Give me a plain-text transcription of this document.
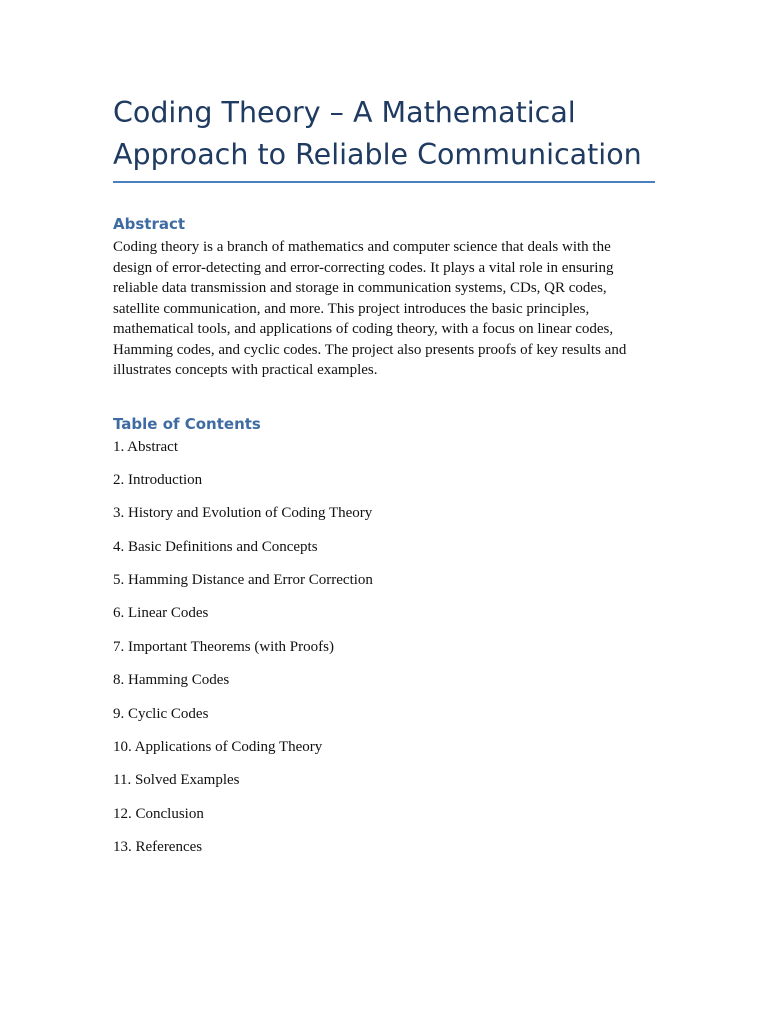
Coding Theory – A Mathematical Approach to Reliable Communication
Abstract

Coding theory is a branch of mathematics and computer science that deals with the design of error-detecting and error-correcting codes. It plays a vital role in ensuring reliable data transmission and storage in communication systems, CDs, QR codes, satellite communication, and more. This project introduces the basic principles, mathematical tools, and applications of coding theory, with a focus on linear codes, Hamming codes, and cyclic codes. The project also presents proofs of key results and illustrates concepts with practical examples.

Table of Contents
1. Abstract
2. Introduction
3. History and Evolution of Coding Theory
4. Basic Definitions and Concepts
5. Hamming Distance and Error Correction
6. Linear Codes
7. Important Theorems (with Proofs)
8. Hamming Codes
9. Cyclic Codes
10. Applications of Coding Theory
11. Solved Examples
12. Conclusion
13. References
